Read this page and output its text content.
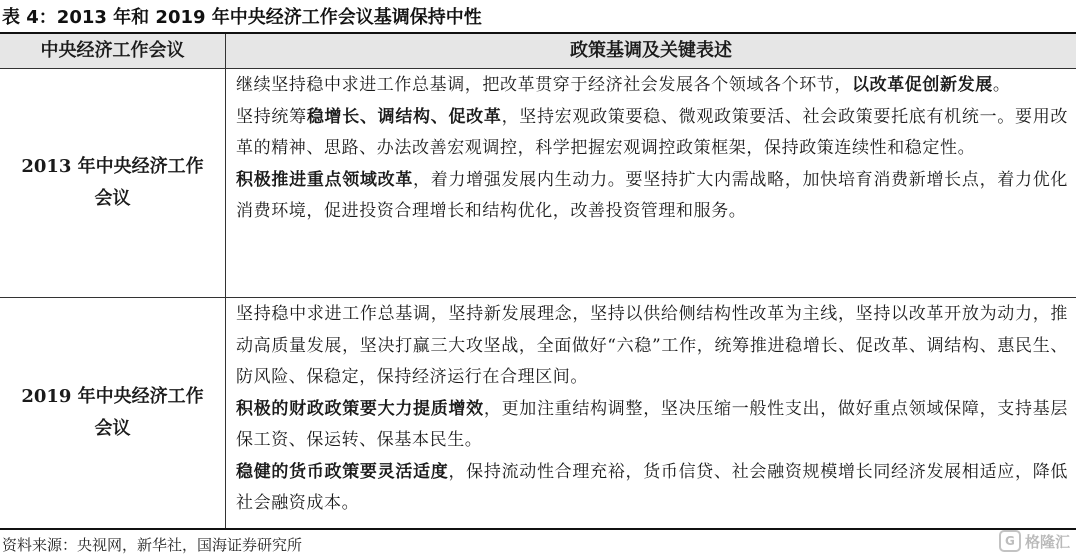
表 4：2013 年和 2019 年中央经济工作会议基调保持中性
中央经济工作会议	政策基调及关键表述
2013 年中央经济工作会议

继续坚持稳中求进工作总基调，把改革贯穿于经济社会发展各个领域各个环节，以改革促创新发展。

坚持统筹稳增长、调结构、促改革，坚持宏观政策要稳、微观政策要活、社会政策要托底有机统一。要用改革的精神、思路、办法改善宏观调控，科学把握宏观调控政策框架，保持政策连续性和稳定性。

积极推进重点领域改革，着力增强发展内生动力。要坚持扩大内需战略，加快培育消费新增长点，着力优化消费环境，促进投资合理增长和结构优化，改善投资管理和服务。

2019 年中央经济工作会议

坚持稳中求进工作总基调，坚持新发展理念，坚持以供给侧结构性改革为主线，坚持以改革开放为动力，推动高质量发展，坚决打赢三大攻坚战，全面做好“六稳”工作，统筹推进稳增长、促改革、调结构、惠民生、防风险、保稳定，保持经济运行在合理区间。

积极的财政政策要大力提质增效，更加注重结构调整，坚决压缩一般性支出，做好重点领域保障，支持基层保工资、保运转、保基本民生。

稳健的货币政策要灵活适度，保持流动性合理充裕，货币信贷、社会融资规模增长同经济发展相适应，降低社会融资成本。

资料来源：央视网，新华社，国海证券研究所	G 格隆汇
